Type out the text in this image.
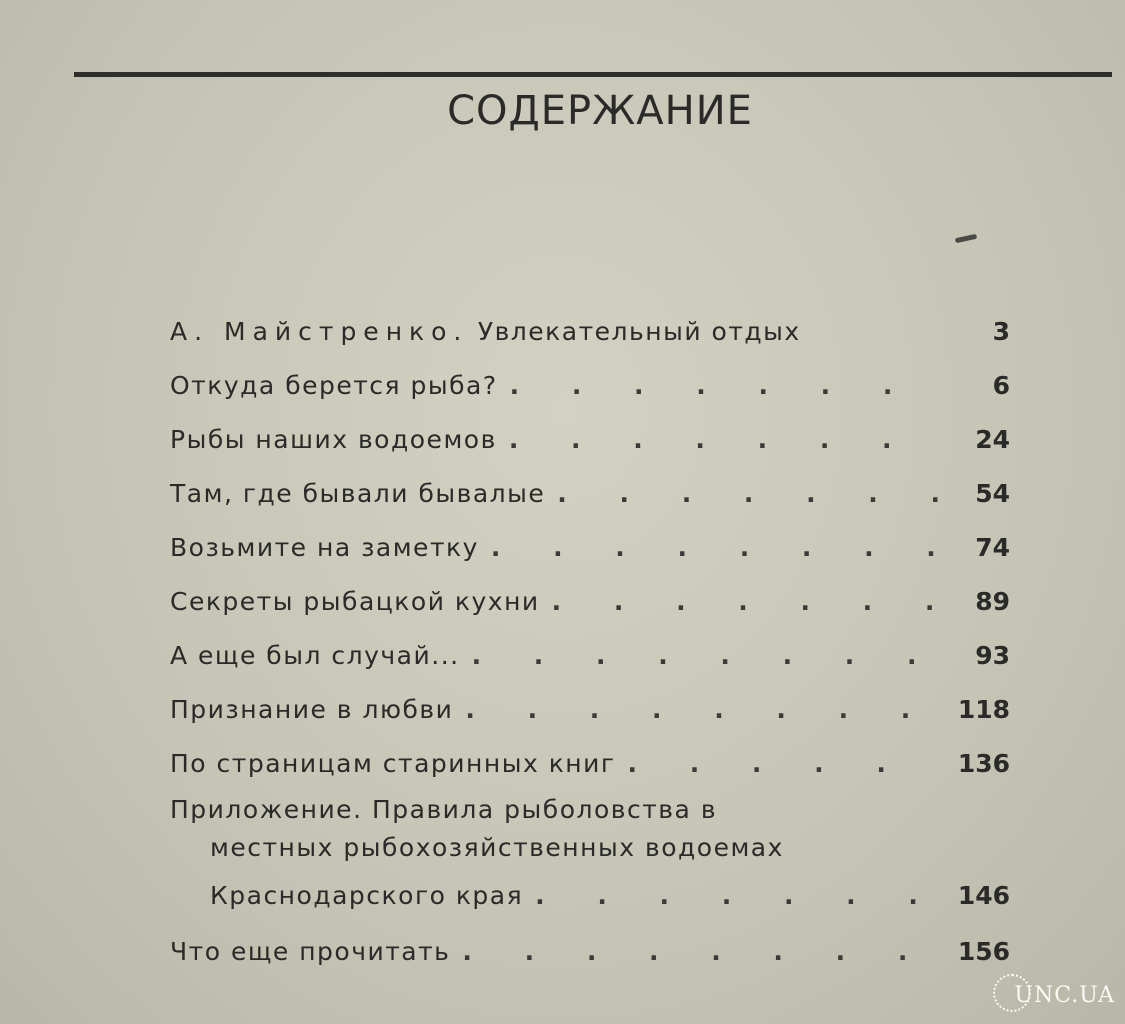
СОДЕРЖАНИЕ
А. Майстренко. Увлекательный отдых	3
Откуда берется рыба? . . .	6
Рыбы наших водоемов . . .	24
Там, где бывали бывалые . . .	54
Возьмите на заметку . . .	74
Секреты рыбацкой кухни . . .	89
А еще был случай... . . .	93
Признание в любви . . .	118
По страницам старинных книг . . .	136
Приложение. Правила рыболовства в
местных рыбохозяйственных водоемах
Краснодарского края . . .	146
Что еще прочитать . . .	156
UNC.UA
